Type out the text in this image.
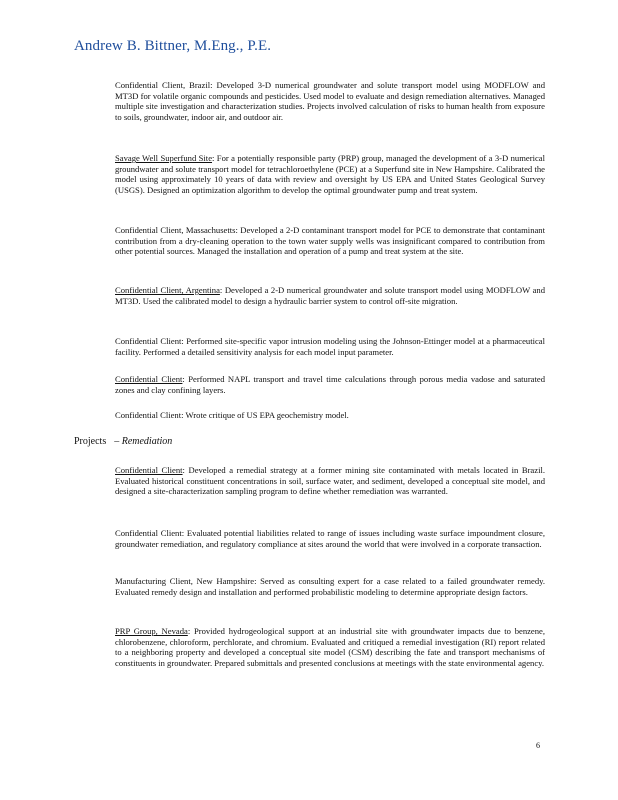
Andrew B. Bittner, M.Eng., P.E.

Confidential Client, Brazil: Developed 3-D numerical groundwater and solute transport model using MODFLOW and MT3D for volatile organic compounds and pesticides. Used model to evaluate and design remediation alternatives. Managed multiple site investigation and characterization studies. Projects involved calculation of risks to human health from exposure to soils, groundwater, indoor air, and outdoor air.

Savage Well Superfund Site: For a potentially responsible party (PRP) group, managed the development of a 3-D numerical groundwater and solute transport model for tetrachloroethylene (PCE) at a Superfund site in New Hampshire. Calibrated the model using approximately 10 years of data with review and oversight by US EPA and United States Geological Survey (USGS). Designed an optimization algorithm to develop the optimal groundwater pump and treat system.

Confidential Client, Massachusetts: Developed a 2-D contaminant transport model for PCE to demonstrate that contaminant contribution from a dry-cleaning operation to the town water supply wells was insignificant compared to contribution from other potential sources. Managed the installation and operation of a pump and treat system at the site.

Confidential Client, Argentina: Developed a 2-D numerical groundwater and solute transport model using MODFLOW and MT3D. Used the calibrated model to design a hydraulic barrier system to control off-site migration.

Confidential Client: Performed site-specific vapor intrusion modeling using the Johnson-Ettinger model at a pharmaceutical facility. Performed a detailed sensitivity analysis for each model input parameter.

Confidential Client: Performed NAPL transport and travel time calculations through porous media vadose and saturated zones and clay confining layers.

Confidential Client: Wrote critique of US EPA geochemistry model.

Projects – Remediation

Confidential Client: Developed a remedial strategy at a former mining site contaminated with metals located in Brazil. Evaluated historical constituent concentrations in soil, surface water, and sediment, developed a conceptual site model, and designed a site-characterization sampling program to define whether remediation was warranted.

Confidential Client: Evaluated potential liabilities related to range of issues including waste surface impoundment closure, groundwater remediation, and regulatory compliance at sites around the world that were involved in a corporate transaction.

Manufacturing Client, New Hampshire: Served as consulting expert for a case related to a failed groundwater remedy. Evaluated remedy design and installation and performed probabilistic modeling to determine appropriate design factors.

PRP Group, Nevada: Provided hydrogeological support at an industrial site with groundwater impacts due to benzene, chlorobenzene, chloroform, perchlorate, and chromium. Evaluated and critiqued a remedial investigation (RI) report related to a neighboring property and developed a conceptual site model (CSM) describing the fate and transport mechanisms of constituents in groundwater. Prepared submittals and presented conclusions at meetings with the state environmental agency.

6
